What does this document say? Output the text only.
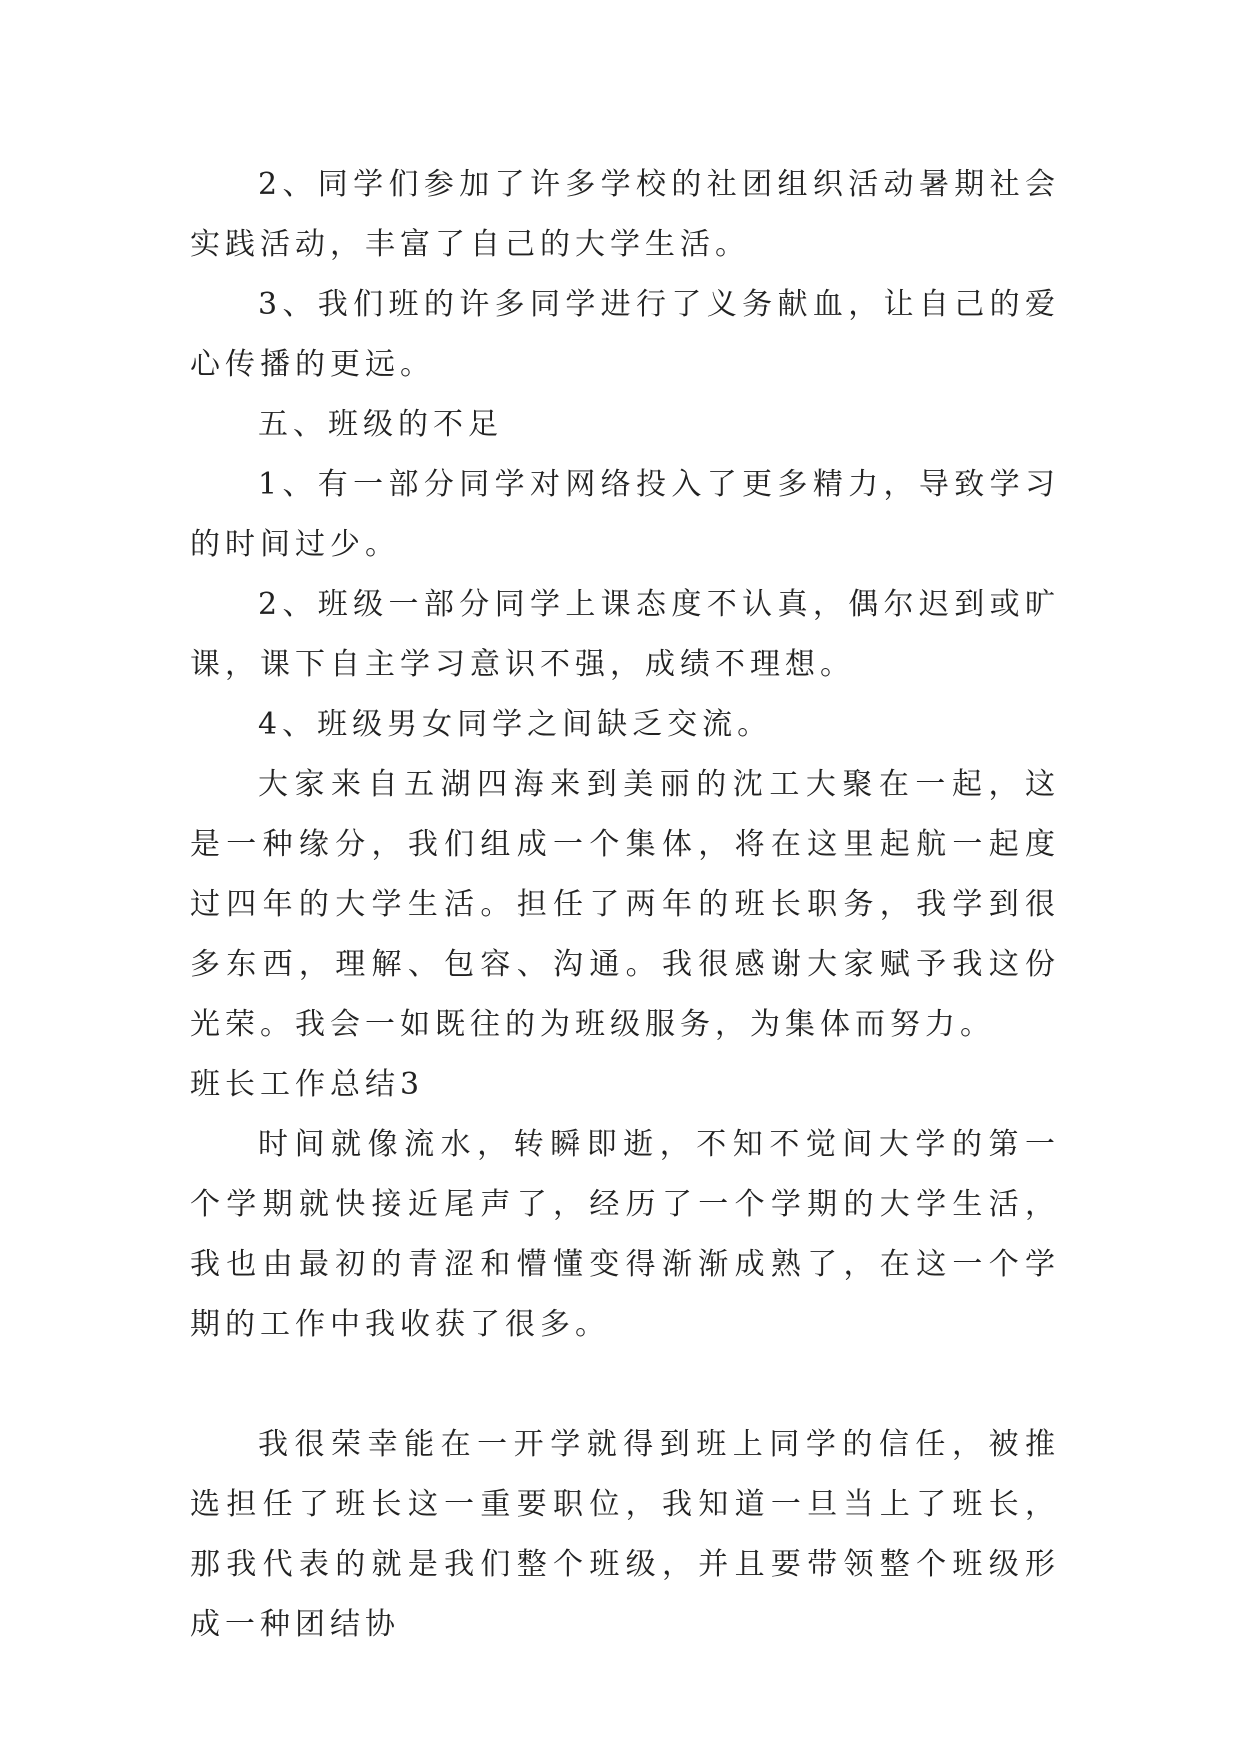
2、同学们参加了许多学校的社团组织活动暑期社会实践活动，丰富了自己的大学生活。

3、我们班的许多同学进行了义务献血，让自己的爱心传播的更远。

五、班级的不足

1、有一部分同学对网络投入了更多精力，导致学习的时间过少。

2、班级一部分同学上课态度不认真，偶尔迟到或旷课，课下自主学习意识不强，成绩不理想。

4、班级男女同学之间缺乏交流。

大家来自五湖四海来到美丽的沈工大聚在一起，这是一种缘分，我们组成一个集体，将在这里起航一起度过四年的大学生活。担任了两年的班长职务，我学到很多东西，理解、包容、沟通。我很感谢大家赋予我这份光荣。我会一如既往的为班级服务，为集体而努力。

班长工作总结3

时间就像流水，转瞬即逝，不知不觉间大学的第一个学期就快接近尾声了，经历了一个学期的大学生活，我也由最初的青涩和懵懂变得渐渐成熟了，在这一个学期的工作中我收获了很多。

我很荣幸能在一开学就得到班上同学的信任，被推选担任了班长这一重要职位，我知道一旦当上了班长，那我代表的就是我们整个班级，并且要带领整个班级形成一种团结协
